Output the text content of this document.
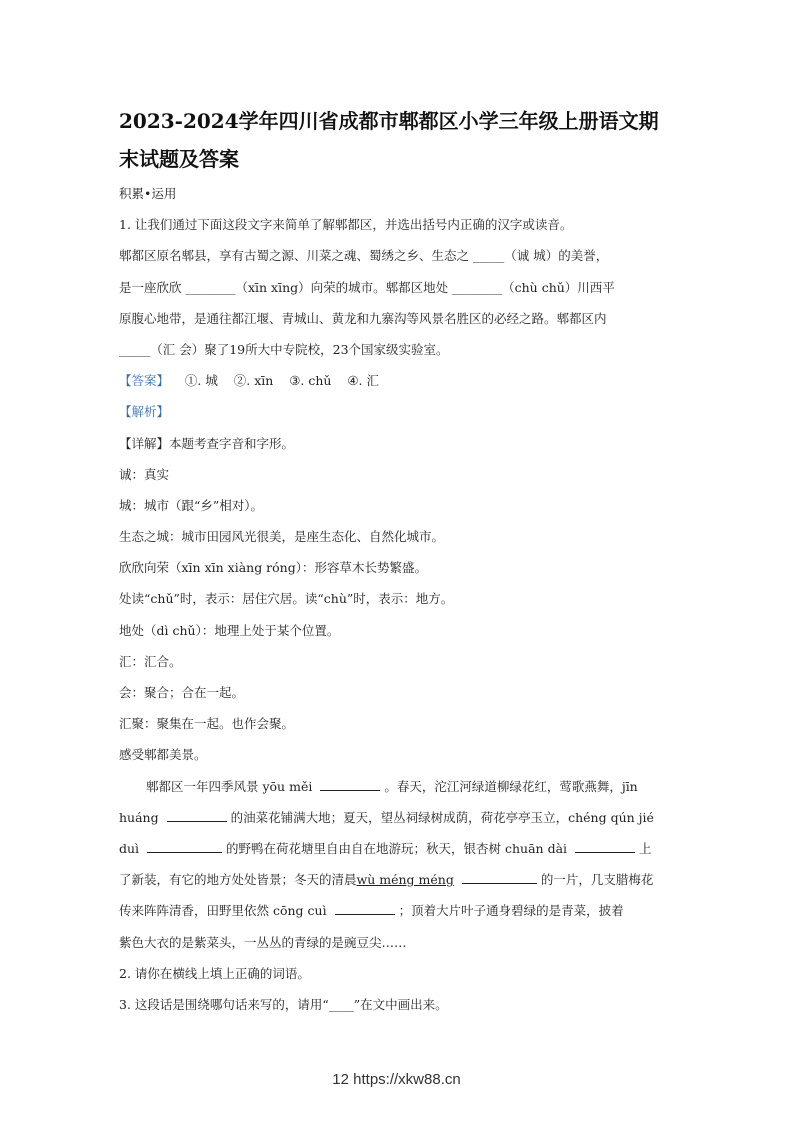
2023-2024学年四川省成都市郫都区小学三年级上册语文期
末试题及答案
积累•运用
1. 让我们通过下面这段文字来简单了解郫都区，并选出括号内正确的汉字或读音。
郫都区原名郫县，享有古蜀之源、川菜之魂、蜀绣之乡、生态之 _____（诚 城）的美誉，
是一座欣欣 ________（xīn xīng）向荣的城市。郫都区地处 ________（chù chǔ）川西平
原腹心地带，是通往都江堰、青城山、黄龙和九寨沟等风景名胜区的必经之路。郫都区内
_____（汇 会）聚了19所大中专院校，23个国家级实验室。
【答案】    ①. 城    ②. xīn    ③. chǔ    ④. 汇
【解析】
【详解】本题考查字音和字形。
诚：真实
城：城市（跟“乡”相对）。
生态之城：城市田园风光很美，是座生态化、自然化城市。
欣欣向荣（xīn xīn xiàng róng）：形容草木长势繁盛。
处读“chǔ”时，表示：居住穴居。读“chù”时，表示：地方。
地处（dì chǔ）：地理上处于某个位置。
汇：汇合。
会：聚合；合在一起。
汇聚：聚集在一起。也作会聚。
感受郫都美景。
郫都区一年四季风景 yōu měi	。春天，沱江河绿道柳绿花红，莺歌燕舞，jīn
huáng	的油菜花铺满大地；夏天，望丛祠绿树成荫，荷花亭亭玉立，chéng qún jié
duì	的野鸭在荷花塘里自由自在地游玩；秋天，银杏树 chuān dài	上
了新装，有它的地方处处皆景；冬天的清晨wù méng méng	的一片，几支腊梅花
传来阵阵清香，田野里依然 cōng cuì	；顶着大片叶子通身碧绿的是青菜，披着
紫色大衣的是紫菜头，一丛丛的青绿的是豌豆尖……
2. 请你在横线上填上正确的词语。
3. 这段话是围绕哪句话来写的，请用“____”在文中画出来。
12 https://xkw88.cn
